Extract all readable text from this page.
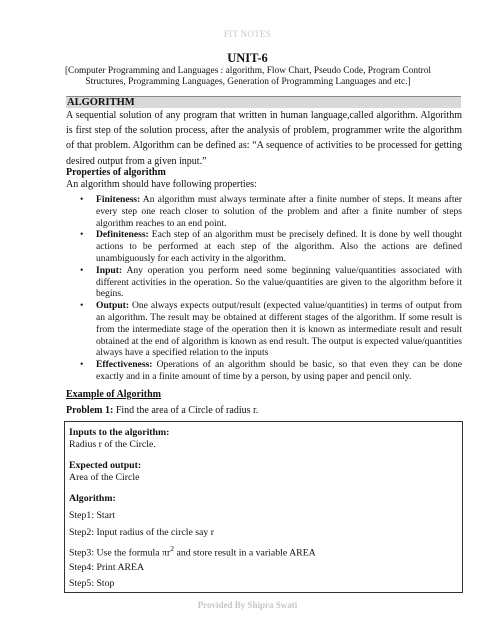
FIT NOTES
UNIT-6
[Computer Programming and Languages : algorithm, Flow Chart, Pseudo Code, Program Control Structures, Programming Languages, Generation of Programming Languages and etc.]
ALGORITHM
A sequential solution of any program that written in human language,called algorithm. Algorithm is first step of the solution process, after the analysis of problem, programmer write the algorithm of that problem. Algorithm can be defined as: “A sequence of activities to be processed for getting desired output from a given input.”
Properties of algorithm
An algorithm should have following properties:
• Finiteness: An algorithm must always terminate after a finite number of steps. It means after every step one reach closer to solution of the problem and after a finite number of steps algorithm reaches to an end point.
• Definiteness: Each step of an algorithm must be precisely defined. It is done by well thought actions to be performed at each step of the algorithm. Also the actions are defined unambiguously for each activity in the algorithm.
• Input: Any operation you perform need some beginning value/quantities associated with different activities in the operation. So the value/quantities are given to the algorithm before it begins.
• Output: One always expects output/result (expected value/quantities) in terms of output from an algorithm. The result may be obtained at different stages of the algorithm. If some result is from the intermediate stage of the operation then it is known as intermediate result and result obtained at the end of algorithm is known as end result. The output is expected value/quantities always have a specified relation to the inputs
• Effectiveness: Operations of an algorithm should be basic, so that even they can be done exactly and in a finite amount of time by a person, by using paper and pencil only.
Example of Algorithm
Problem 1: Find the area of a Circle of radius r.
Inputs to the algorithm:
Radius r of the Circle.
Expected output:
Area of the Circle
Algorithm:
Step1: Start
Step2: Input radius of the circle say r
Step3: Use the formula $\pi r^2$ and store result in a variable AREA
Step4: Print AREA
Step5: Stop
Provided By Shipra Swati
